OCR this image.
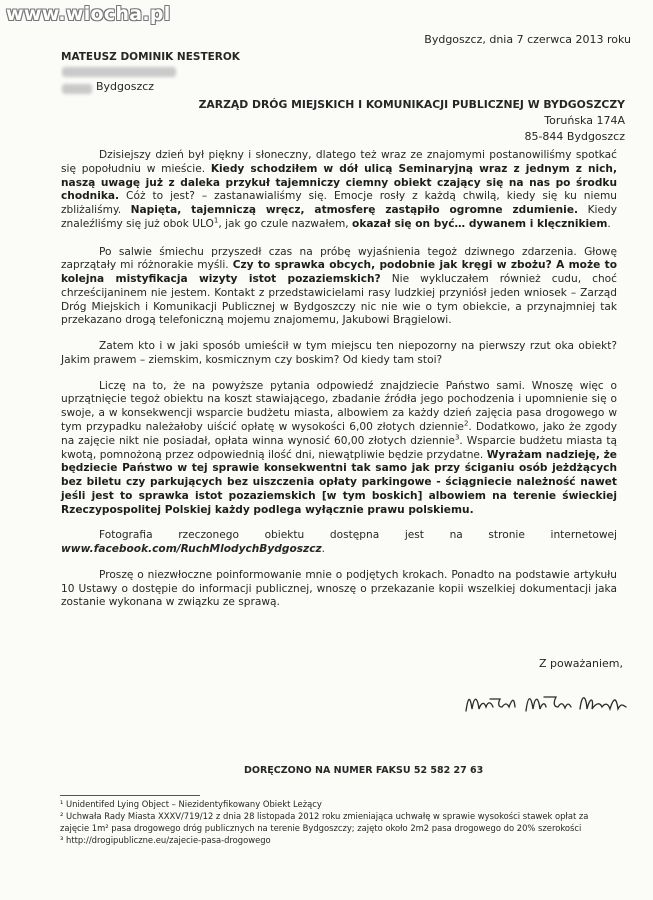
www.wiocha.pl
Bydgoszcz, dnia 7 czerwca 2013 roku
MATEUSZ DOMINIK NESTEROK
Bydgoszcz
ZARZĄD DRÓG MIEJSKICH I KOMUNIKACJI PUBLICZNEJ W BYDGOSZCZY
Toruńska 174A
85-844 Bydgoszcz

Dzisiejszy dzień był piękny i słoneczny, dlatego też wraz ze znajomymi postanowiliśmy spotkać się popołudniu w mieście. Kiedy schodziłem w dół ulicą Seminaryjną wraz z jednym z nich, naszą uwagę już z daleka przykuł tajemniczy ciemny obiekt czający się na nas po środku chodnika. Cóż to jest? – zastanawialiśmy się. Emocje rosły z każdą chwilą, kiedy się ku niemu zbliżaliśmy. Napięta, tajemniczą wręcz, atmosferę zastąpiło ogromne zdumienie. Kiedy znaleźliśmy się już obok ULO$^1$, jak go czule nazwałem, okazał się on być… dywanem i klęcznikiem.

Po salwie śmiechu przyszedł czas na próbę wyjaśnienia tegoż dziwnego zdarzenia. Głowę zaprzątały mi różnorakie myśli. Czy to sprawka obcych, podobnie jak kręgi w zbożu? A może to kolejna mistyfikacja wizyty istot pozaziemskich? Nie wykluczałem również cudu, choć chrześcijaninem nie jestem. Kontakt z przedstawicielami rasy ludzkiej przyniósł jeden wniosek – Zarząd Dróg Miejskich i Komunikacji Publicznej w Bydgoszczy nic nie wie o tym obiekcie, a przynajmniej tak przekazano drogą telefoniczną mojemu znajomemu, Jakubowi Brągielowi.

Zatem kto i w jaki sposób umieścił w tym miejscu ten niepozorny na pierwszy rzut oka obiekt? Jakim prawem – ziemskim, kosmicznym czy boskim? Od kiedy tam stoi?

Liczę na to, że na powyższe pytania odpowiedź znajdziecie Państwo sami. Wnoszę więc o uprzątnięcie tegoż obiektu na koszt stawiającego, zbadanie źródła jego pochodzenia i upomnienie się o swoje, a w konsekwencji wsparcie budżetu miasta, albowiem za każdy dzień zajęcia pasa drogowego w tym przypadku należałoby uiścić opłatę w wysokości 6,00 złotych dziennie$^2$. Dodatkowo, jako że zgody na zajęcie nikt nie posiadał, opłata winna wynosić 60,00 złotych dziennie$^3$. Wsparcie budżetu miasta tą kwotą, pomnożoną przez odpowiednią ilość dni, niewątpliwie będzie przydatne. Wyrażam nadzieję, że będziecie Państwo w tej sprawie konsekwentni tak samo jak przy ściganiu osób jeżdżących bez biletu czy parkujących bez uiszczenia opłaty parkingowe - ściągniecie należność nawet jeśli jest to sprawka istot pozaziemskich [w tym boskich] albowiem na terenie świeckiej Rzeczypospolitej Polskiej każdy podlega wyłącznie prawu polskiemu.

Fotografia rzeczonego obiektu dostępna jest na stronie internetowej www.facebook.com/RuchMlodychBydgoszcz.

Proszę o niezwłoczne poinformowanie mnie o podjętych krokach. Ponadto na podstawie artykułu 10 Ustawy o dostępie do informacji publicznej, wnoszę o przekazanie kopii wszelkiej dokumentacji jaka zostanie wykonana w związku ze sprawą.

Z poważaniem,
DORĘCZONO NA NUMER FAKSU 52 582 27 63
¹ Unidentifed Lying Object – Niezidentyfikowany Obiekt Leżący
² Uchwała Rady Miasta XXXV/719/12 z dnia 28 listopada 2012 roku zmieniająca uchwałę w sprawie wysokości stawek opłat za zajęcie 1m² pasa drogowego dróg publicznych na terenie Bydgoszczy; zajęto około 2m2 pasa drogowego do 20% szerokości
³ http://drogipubliczne.eu/zajecie-pasa-drogowego
